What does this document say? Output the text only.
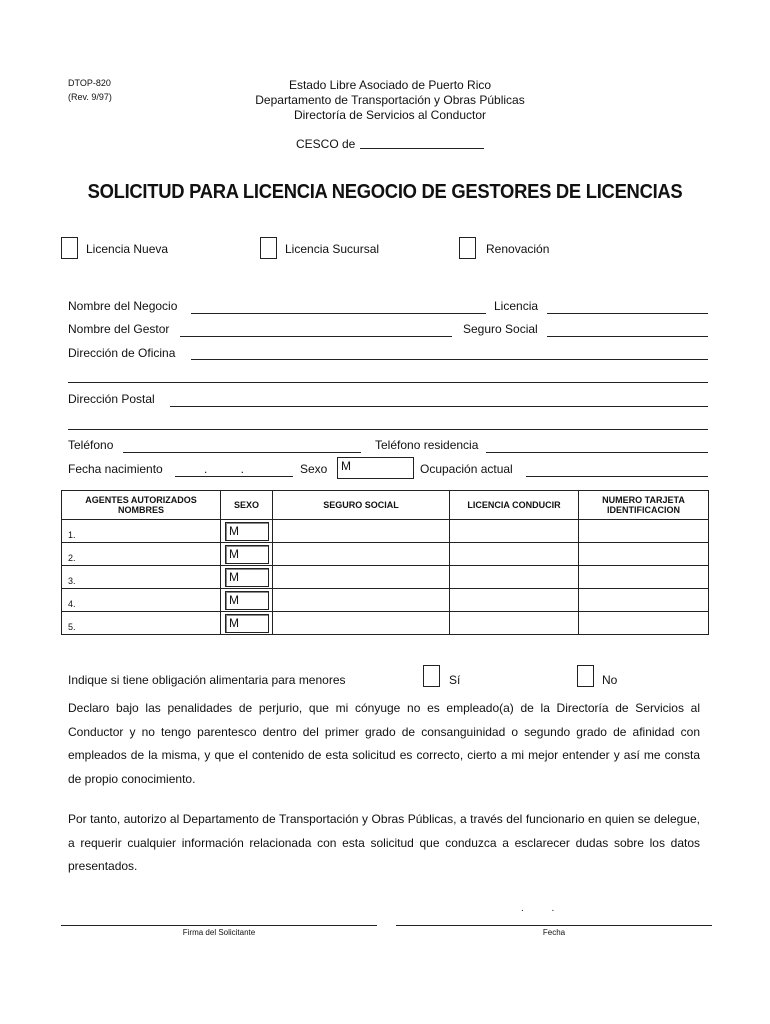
DTOP-820
(Rev. 9/97)
Estado Libre Asociado de Puerto Rico
Departamento de Transportación y Obras Públicas
Directoría de Servicios al Conductor
CESCO de
SOLICITUD PARA LICENCIA NEGOCIO DE GESTORES DE LICENCIAS
Licencia Nueva	Licencia Sucursal	Renovación
Nombre del Negocio	Licencia
Nombre del Gestor	Seguro Social
Dirección de Oficina
Dirección Postal
Teléfono	Teléfono residencia
Fecha nacimiento	.          .	Sexo	M	Ocupación actual
AGENTES AUTORIZADOS NOMBRES	SEXO	SEGURO SOCIAL	LICENCIA CONDUCIR	NUMERO TARJETA IDENTIFICACION

1.	M			

2.	M			

3.	M			

4.	M			

5.	M			

Indique si tiene obligación alimentaria para menores	Sí	No
Declaro bajo las penalidades de perjurio, que mi cónyuge no es empleado(a) de la Directoría de Servicios al Conductor y no tengo parentesco dentro del primer grado de consanguinidad o segundo grado de afinidad con empleados de la misma, y que el contenido de esta solicitud es correcto, cierto a mi mejor entender y así me consta de propio conocimiento.
Por tanto, autorizo al Departamento de Transportación y Obras Públicas, a través del funcionario en quien se delegue, a requerir cualquier información relacionada con esta solicitud que conduzca a esclarecer dudas sobre los datos presentados.
.          .
Firma del Solicitante	Fecha
